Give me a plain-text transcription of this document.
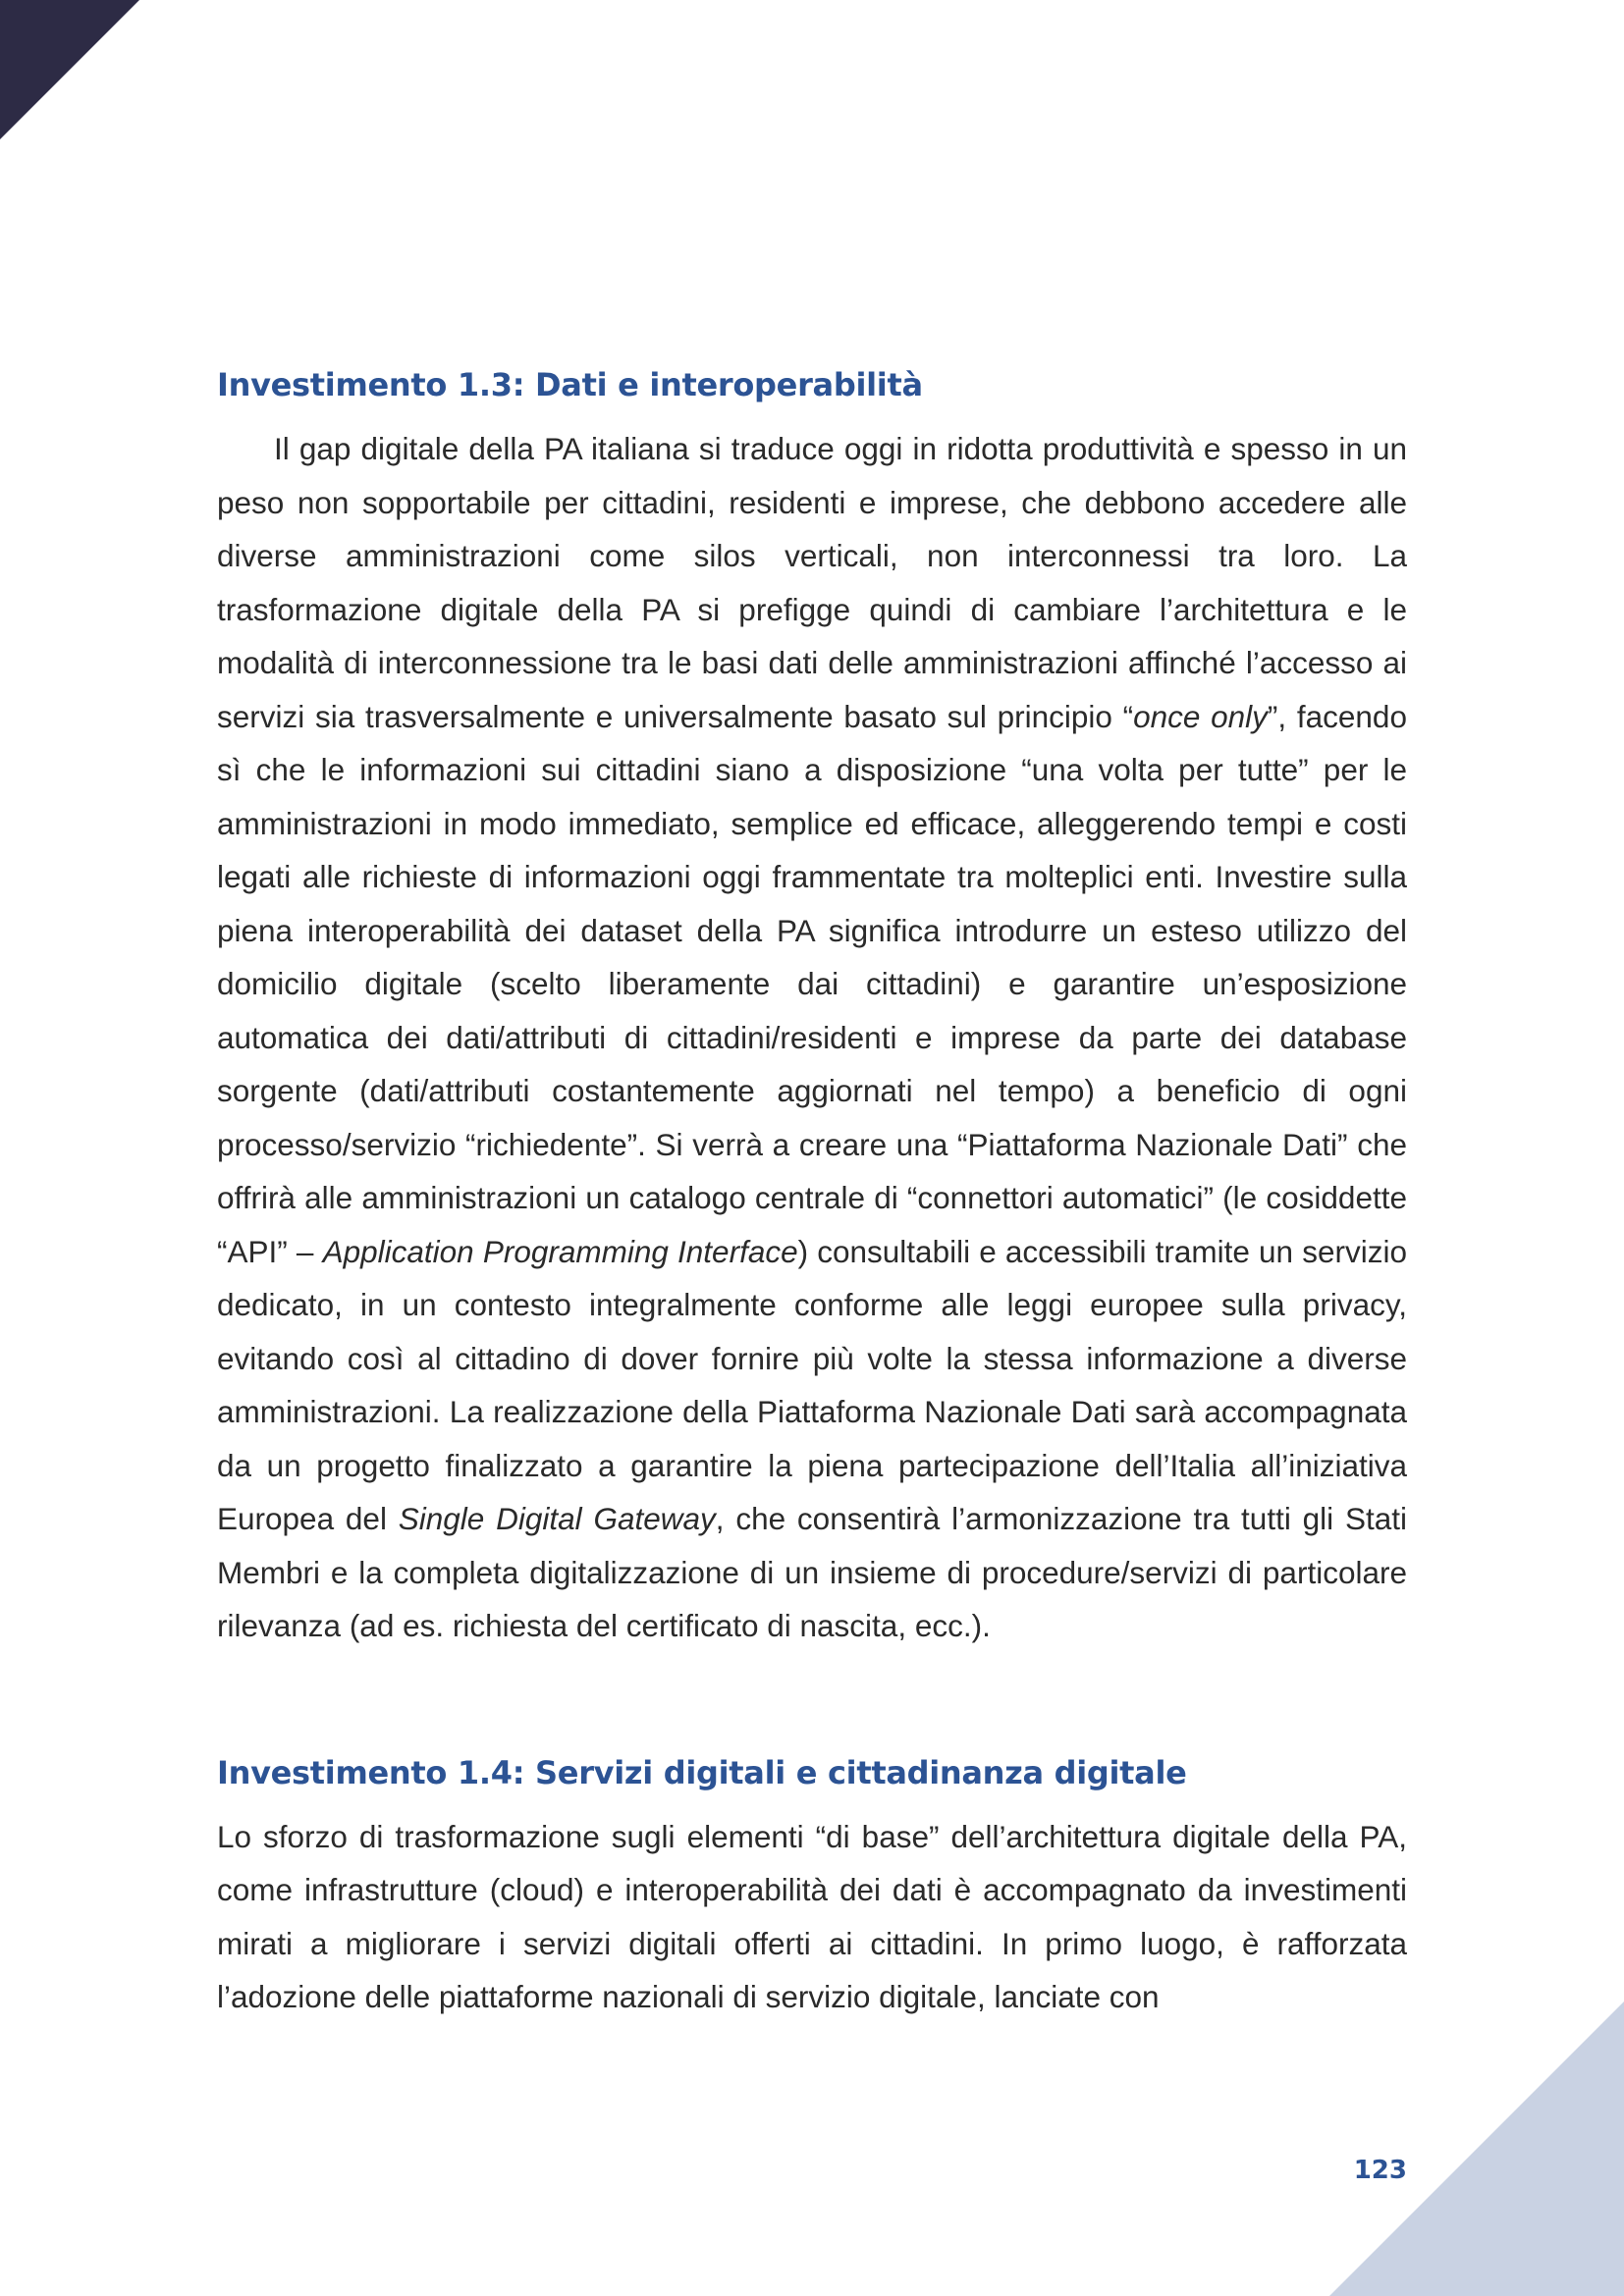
Investimento 1.3: Dati e interoperabilità

Il gap digitale della PA italiana si traduce oggi in ridotta produttività e spesso in un peso non sopportabile per cittadini, residenti e imprese, che debbono accedere alle diverse amministrazioni come silos verticali, non interconnessi tra loro. La trasformazione digitale della PA si prefigge quindi di cambiare l’architettura e le modalità di interconnessione tra le basi dati delle amministrazioni affinché l’accesso ai servizi sia trasversalmente e universalmente basato sul principio “once only”, facendo sì che le informazioni sui cittadini siano a disposizione “una volta per tutte” per le amministrazioni in modo immediato, semplice ed efficace, alleggerendo tempi e costi legati alle richieste di informazioni oggi frammentate tra molteplici enti. Investire sulla piena interoperabilità dei dataset della PA significa introdurre un esteso utilizzo del domicilio digitale (scelto liberamente dai cittadini) e garantire un’esposizione automatica dei dati/attributi di cittadini/residenti e imprese da parte dei database sorgente (dati/attributi costantemente aggiornati nel tempo) a beneficio di ogni processo/servizio “richiedente”. Si verrà a creare una “Piattaforma Nazionale Dati” che offrirà alle amministrazioni un catalogo centrale di “connettori automatici” (le cosiddette “API” – Application Programming Interface) consultabili e accessibili tramite un servizio dedicato, in un contesto integralmente conforme alle leggi europee sulla privacy, evitando così al cittadino di dover fornire più volte la stessa informazione a diverse amministrazioni. La realizzazione della Piattaforma Nazionale Dati sarà accompagnata da un progetto finalizzato a garantire la piena partecipazione dell’Italia all’iniziativa Europea del Single Digital Gateway, che consentirà l’armonizzazione tra tutti gli Stati Membri e la completa digitalizzazione di un insieme di procedure/servizi di particolare rilevanza (ad es. richiesta del certificato di nascita, ecc.).

Investimento 1.4: Servizi digitali e cittadinanza digitale

Lo sforzo di trasformazione sugli elementi “di base” dell’architettura digitale della PA, come infrastrutture (cloud) e interoperabilità dei dati è accompagnato da investimenti mirati a migliorare i servizi digitali offerti ai cittadini. In primo luogo, è rafforzata l’adozione delle piattaforme nazionali di servizio digitale, lanciate con

123
